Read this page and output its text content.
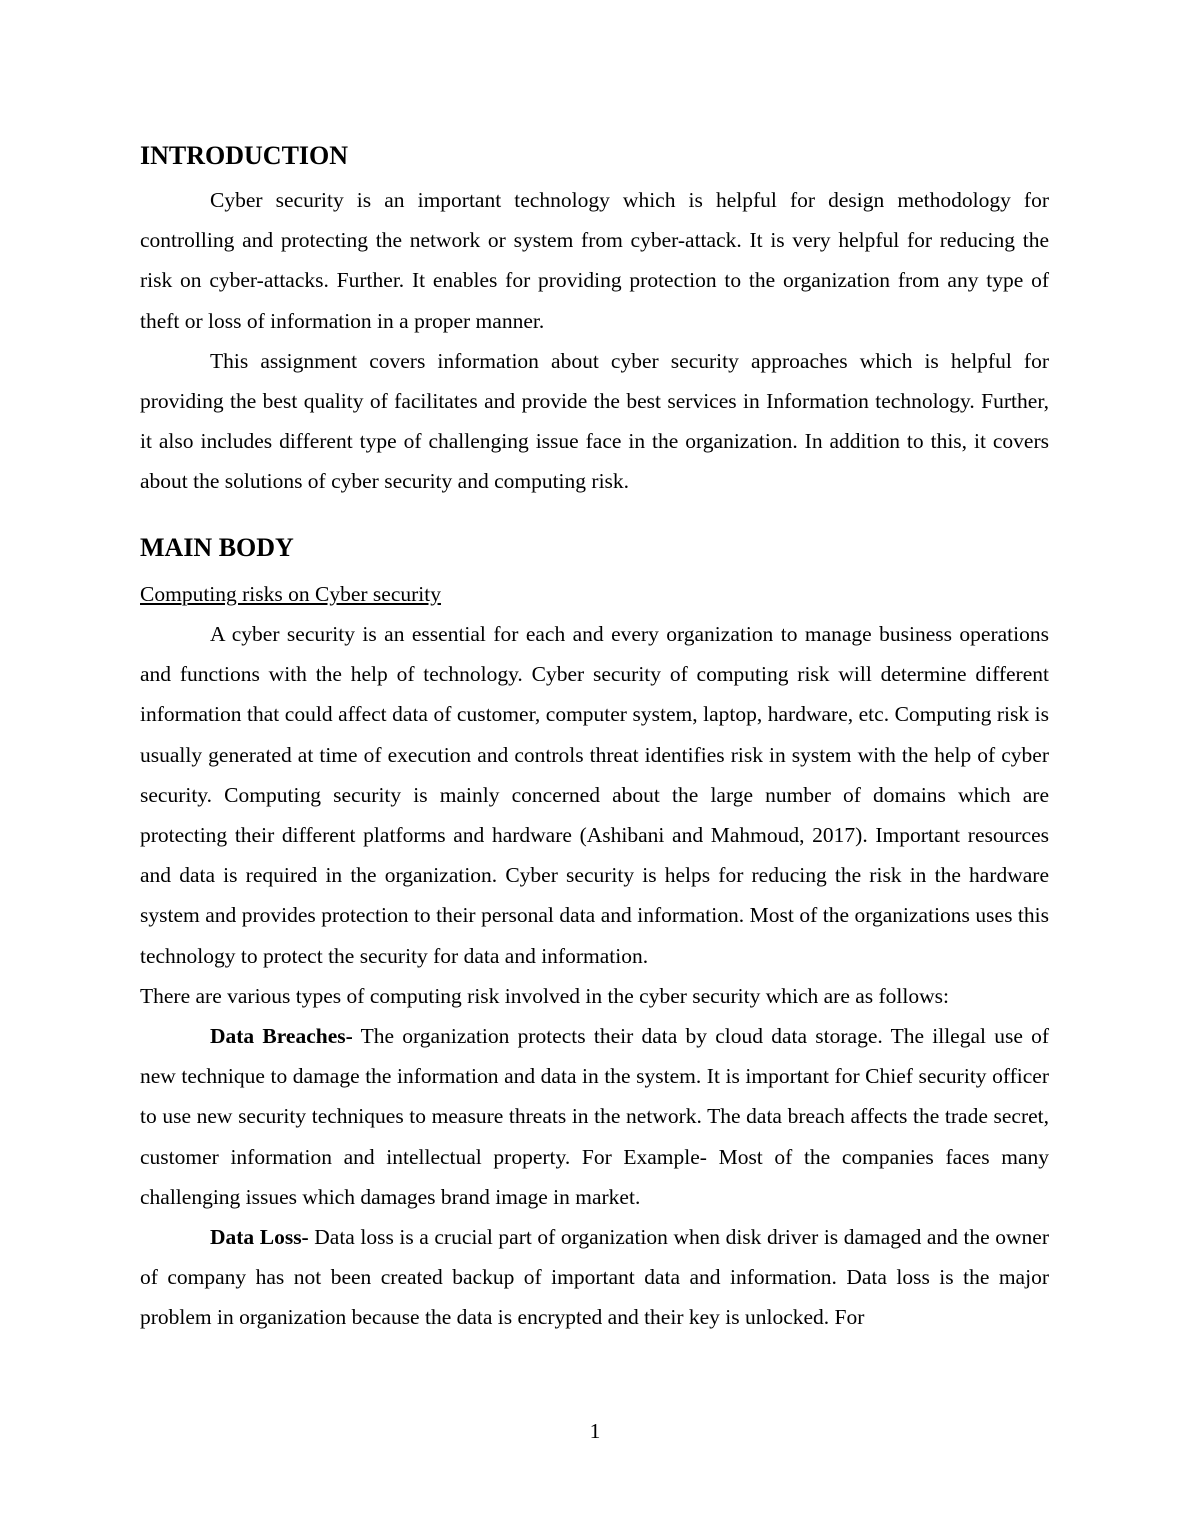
INTRODUCTION

Cyber security is an important technology which is helpful for design methodology for controlling and protecting the network or system from cyber-attack. It is very helpful for reducing the risk on cyber-attacks. Further. It enables for providing protection to the organization from any type of theft or loss of information in a proper manner.

This assignment covers information about cyber security approaches which is helpful for providing the best quality of facilitates and provide the best services in Information technology. Further, it also includes different type of challenging issue face in the organization. In addition to this, it covers about the solutions of cyber security and computing risk.

MAIN BODY
Computing risks on Cyber security

A cyber security is an essential for each and every organization to manage business operations and functions with the help of technology. Cyber security of computing risk will determine different information that could affect data of customer, computer system, laptop, hardware, etc. Computing risk is usually generated at time of execution and controls threat identifies risk in system with the help of cyber security. Computing security is mainly concerned about the large number of domains which are protecting their different platforms and hardware (Ashibani and Mahmoud, 2017). Important resources and data is required in the organization. Cyber security is helps for reducing the risk in the hardware system and provides protection to their personal data and information. Most of the organizations uses this technology to protect the security for data and information.

There are various types of computing risk involved in the cyber security which are as follows:

Data Breaches- The organization protects their data by cloud data storage. The illegal use of new technique to damage the information and data in the system. It is important for Chief security officer to use new security techniques to measure threats in the network. The data breach affects the trade secret, customer information and intellectual property. For Example- Most of the companies faces many challenging issues which damages brand image in market.

Data Loss- Data loss is a crucial part of organization when disk driver is damaged and the owner of company has not been created backup of important data and information. Data loss is the major problem in organization because the data is encrypted and their key is unlocked. For

1
